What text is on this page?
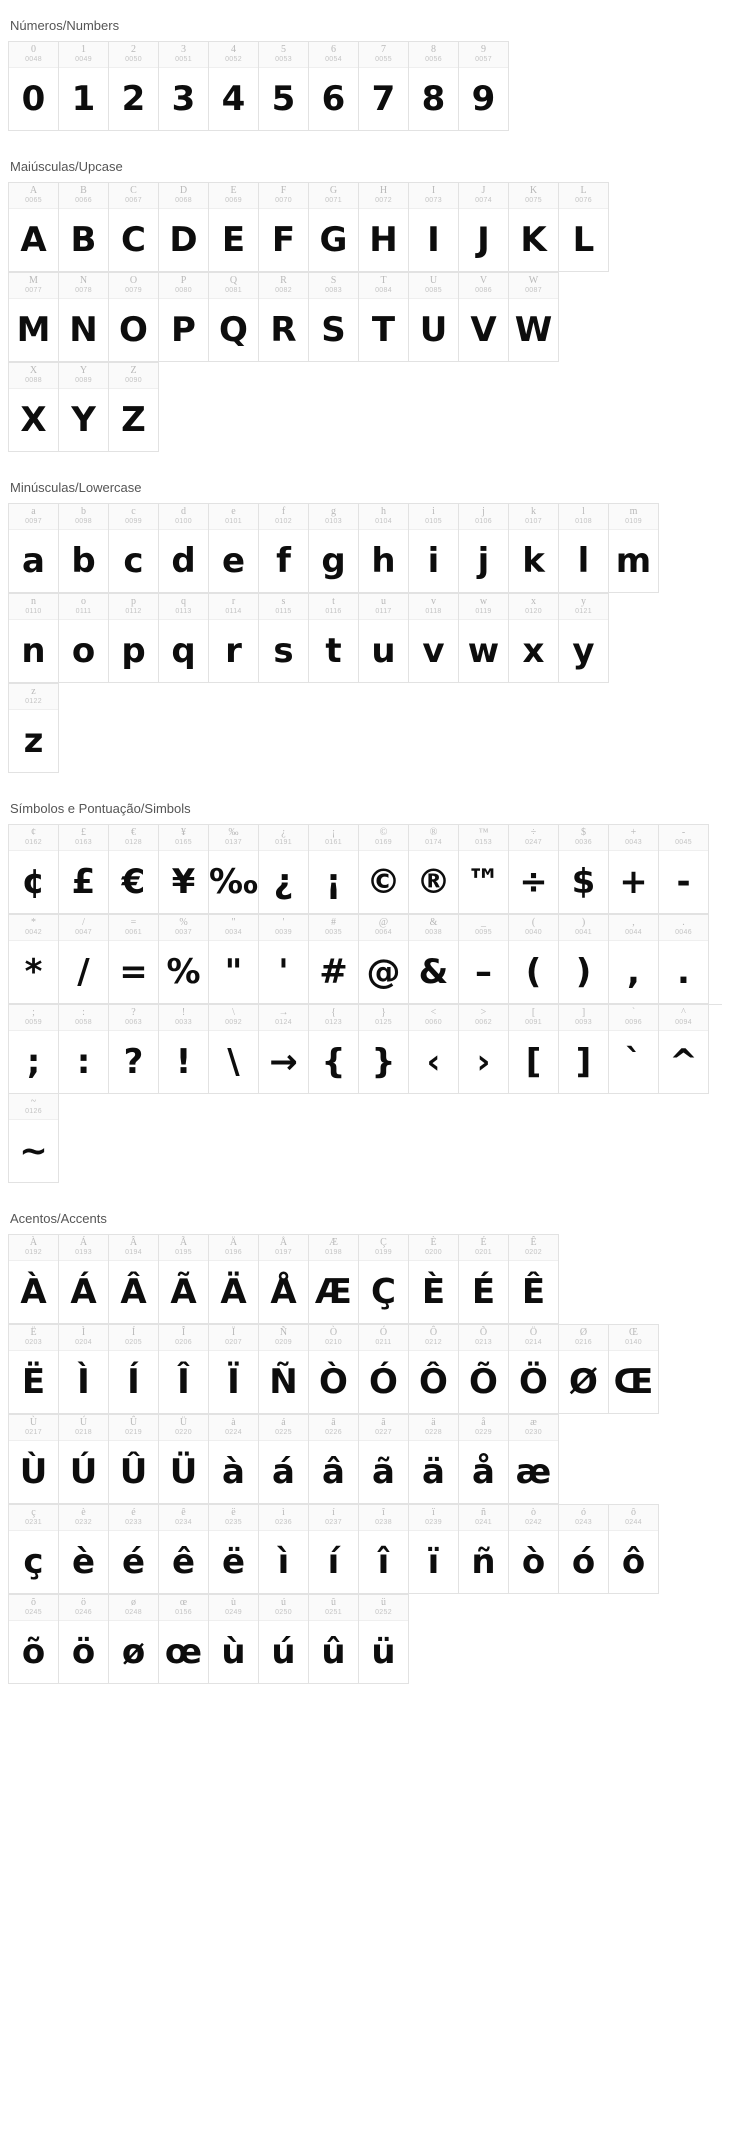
Números/Numbers
0
0048
0
1
0049
1
2
0050
2
3
0051
3
4
0052
4
5
0053
5
6
0054
6
7
0055
7
8
0056
8
9
0057
9
Maiúsculas/Upcase
A
0065
A
B
0066
B
C
0067
C
D
0068
D
E
0069
E
F
0070
F
G
0071
G
H
0072
H
I
0073
I
J
0074
J
K
0075
K
L
0076
L
M
0077
M
N
0078
N
O
0079
O
P
0080
P
Q
0081
Q
R
0082
R
S
0083
S
T
0084
T
U
0085
U
V
0086
V
W
0087
W
X
0088
X
Y
0089
Y
Z
0090
Z
Minúsculas/Lowercase
a
0097
a
b
0098
b
c
0099
c
d
0100
d
e
0101
e
f
0102
f
g
0103
g
h
0104
h
i
0105
i
j
0106
j
k
0107
k
l
0108
l
m
0109
m
n
0110
n
o
0111
o
p
0112
p
q
0113
q
r
0114
r
s
0115
s
t
0116
t
u
0117
u
v
0118
v
w
0119
w
x
0120
x
y
0121
y
z
0122
z
Símbolos e Pontuação/Simbols
¢
0162
¢
£
0163
£
€
0128
€
¥
0165
¥
‰
0137
‰
¿
0191
¿
¡
0161
¡
©
0169
©
®
0174
®
™
0153
™
÷
0247
÷
$
0036
$
+
0043
+
-
0045
-
*
0042
*
/
0047
/
=
0061
=
%
0037
%
"
0034
"
'
0039
'
#
0035
#
@
0064
@
&
0038
&
_
0095
–
(
0040
(
)
0041
)
,
0044
,
.
0046
.
;
0059
;
:
0058
:
?
0063
?
!
0033
!
\
0092
\
→
0124
→
{
0123
{
}
0125
}
<
0060
‹
>
0062
›
[
0091
[
]
0093
]
`
0096
`
^
0094
^
~
0126
~
Acentos/Accents
À
0192
À
Á
0193
Á
Â
0194
Â
Ã
0195
Ã
Ä
0196
Ä
Å
0197
Å
Æ
0198
Æ
Ç
0199
Ç
È
0200
È
É
0201
É
Ê
0202
Ê
Ë
0203
Ë
Ì
0204
Ì
Í
0205
Í
Î
0206
Î
Ï
0207
Ï
Ñ
0209
Ñ
Ò
0210
Ò
Ó
0211
Ó
Ô
0212
Ô
Õ
0213
Õ
Ö
0214
Ö
Ø
0216
Ø
Œ
0140
Œ
Ù
0217
Ù
Ú
0218
Ú
Û
0219
Û
Ü
0220
Ü
à
0224
à
á
0225
á
â
0226
â
ã
0227
ã
ä
0228
ä
å
0229
å
æ
0230
æ
ç
0231
ç
è
0232
è
é
0233
é
ê
0234
ê
ë
0235
ë
ì
0236
ì
í
0237
í
î
0238
î
ï
0239
ï
ñ
0241
ñ
ò
0242
ò
ó
0243
ó
ô
0244
ô
õ
0245
õ
ö
0246
ö
ø
0248
ø
œ
0156
œ
ù
0249
ù
ú
0250
ú
û
0251
û
ü
0252
ü
